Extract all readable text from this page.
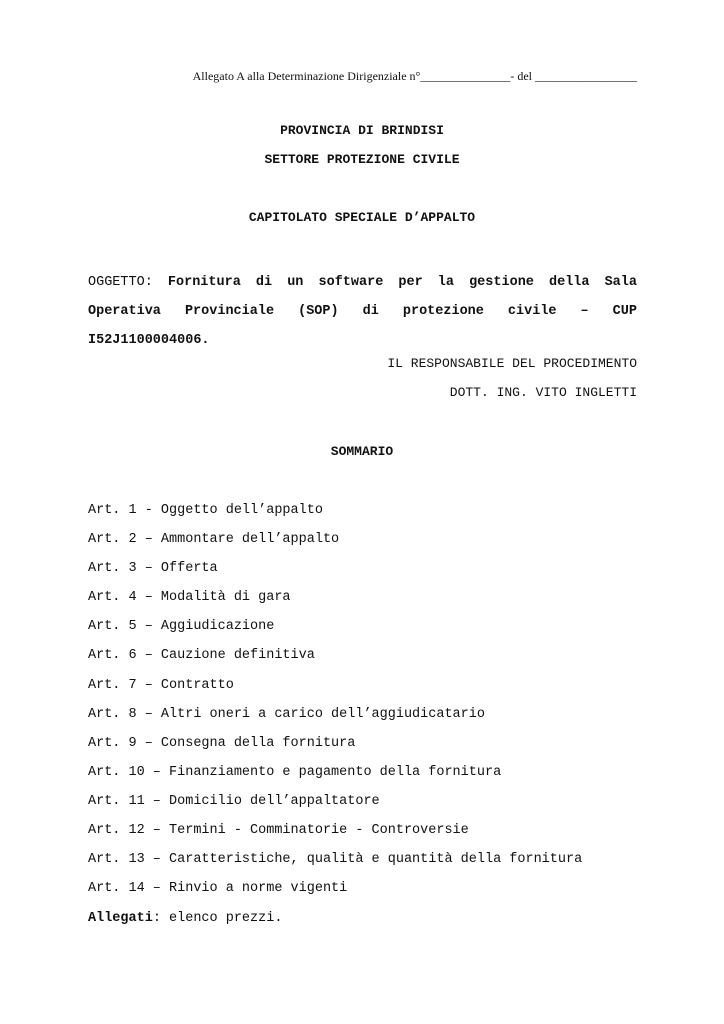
Allegato A alla Determinazione Dirigenziale n°_______________- del _________________
PROVINCIA DI BRINDISI
SETTORE PROTEZIONE CIVILE
CAPITOLATO SPECIALE D’APPALTO
OGGETTO: Fornitura di un software per la gestione della Sala Operativa Provinciale (SOP) di protezione civile – CUP I52J1100004006.
IL RESPONSABILE DEL PROCEDIMENTO
DOTT. ING. VITO INGLETTI
SOMMARIO
Art. 1 - Oggetto dell’appalto
Art. 2 – Ammontare dell’appalto
Art. 3 – Offerta
Art. 4 – Modalità di gara
Art. 5 – Aggiudicazione
Art. 6 – Cauzione definitiva
Art. 7 – Contratto
Art. 8 – Altri oneri a carico dell’aggiudicatario
Art. 9 – Consegna della fornitura
Art. 10 – Finanziamento e pagamento della fornitura
Art. 11 – Domicilio dell’appaltatore
Art. 12 – Termini - Comminatorie - Controversie
Art. 13 – Caratteristiche, qualità e quantità della fornitura
Art. 14 – Rinvio a norme vigenti
Allegati: elenco prezzi.
